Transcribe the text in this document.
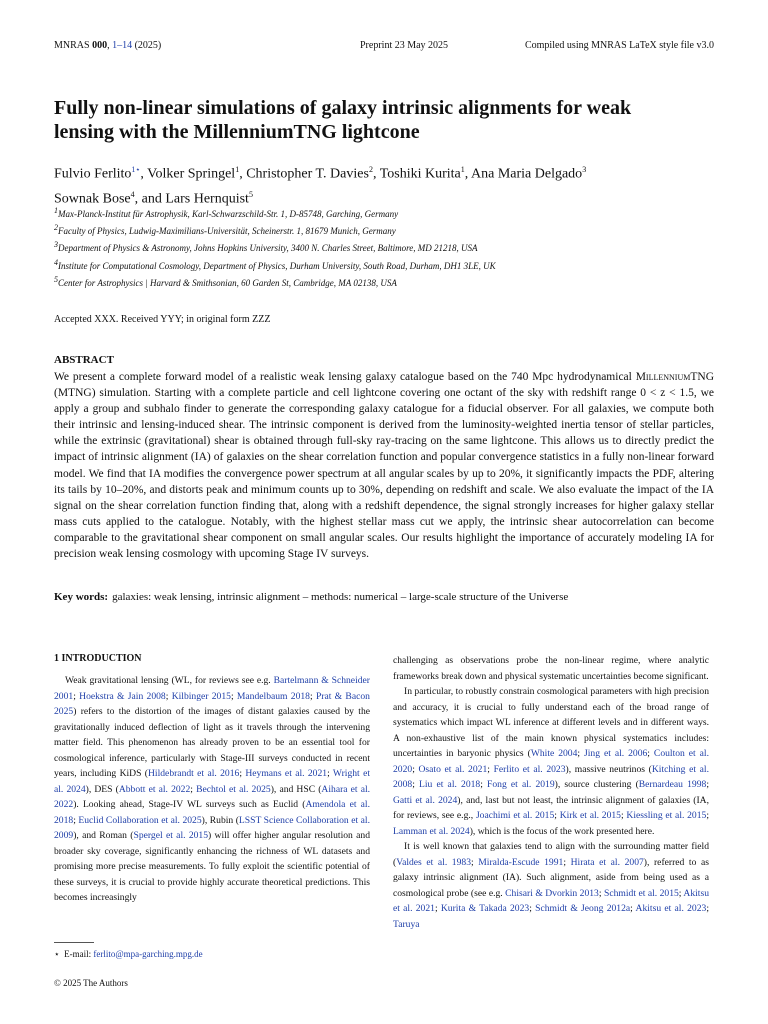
MNRAS 000, 1–14 (2025)	Preprint 23 May 2025	Compiled using MNRAS LaTeX style file v3.0
Fully non-linear simulations of galaxy intrinsic alignments for weak lensing with the MillenniumTNG lightcone
Fulvio Ferlito$^{1⋆}$, Volker Springel$^1$, Christopher T. Davies$^2$, Toshiki Kurita$^1$, Ana Maria Delgado$^3$
Sownak Bose$^4$, and Lars Hernquist$^5$
$^1$Max-Planck-Institut für Astrophysik, Karl-Schwarzschild-Str. 1, D-85748, Garching, Germany
$^2$Faculty of Physics, Ludwig-Maximilians-Universität, Scheinerstr. 1, 81679 Munich, Germany
$^3$Department of Physics & Astronomy, Johns Hopkins University, 3400 N. Charles Street, Baltimore, MD 21218, USA
$^4$Institute for Computational Cosmology, Department of Physics, Durham University, South Road, Durham, DH1 3LE, UK
$^5$Center for Astrophysics | Harvard & Smithsonian, 60 Garden St, Cambridge, MA 02138, USA
Accepted XXX. Received YYY; in original form ZZZ
ABSTRACT
We present a complete forward model of a realistic weak lensing galaxy catalogue based on the 740 Mpc hydrodynamical MillenniumTNG (MTNG) simulation. Starting with a complete particle and cell lightcone covering one octant of the sky with redshift range 0 < z < 1.5, we apply a group and subhalo finder to generate the corresponding galaxy catalogue for a fiducial observer. For all galaxies, we compute both their intrinsic and lensing-induced shear. The intrinsic component is derived from the luminosity-weighted inertia tensor of stellar particles, while the extrinsic (gravitational) shear is obtained through full-sky ray-tracing on the same lightcone. This allows us to directly predict the impact of intrinsic alignment (IA) of galaxies on the shear correlation function and popular convergence statistics in a fully non-linear forward model. We find that IA modifies the convergence power spectrum at all angular scales by up to 20%, it significantly impacts the PDF, altering its tails by 10–20%, and distorts peak and minimum counts up to 30%, depending on redshift and scale. We also evaluate the impact of the IA signal on the shear correlation function finding that, along with a redshift dependence, the signal strongly increases for higher galaxy stellar mass cuts applied to the catalogue. Notably, with the highest stellar mass cut we apply, the intrinsic shear autocorrelation can become comparable to the gravitational shear component on small angular scales. Our results highlight the importance of accurately modeling IA for precision weak lensing cosmology with upcoming Stage IV surveys.
Key words: galaxies: weak lensing, intrinsic alignment – methods: numerical – large-scale structure of the Universe
1 INTRODUCTION

Weak gravitational lensing (WL, for reviews see e.g. Bartelmann & Schneider 2001; Hoekstra & Jain 2008; Kilbinger 2015; Mandelbaum 2018; Prat & Bacon 2025) refers to the distortion of the images of distant galaxies caused by the gravitationally induced deflection of light as it travels through the intervening matter field. This phenomenon has already proven to be an essential tool for cosmological inference, particularly with Stage-III surveys conducted in recent years, including KiDS (Hildebrandt et al. 2016; Heymans et al. 2021; Wright et al. 2024), DES (Abbott et al. 2022; Bechtol et al. 2025), and HSC (Aihara et al. 2022). Looking ahead, Stage-IV WL surveys such as Euclid (Amendola et al. 2018; Euclid Collaboration et al. 2025), Rubin (LSST Science Collaboration et al. 2009), and Roman (Spergel et al. 2015) will offer higher angular resolution and broader sky coverage, significantly enhancing the richness of WL datasets and promising more precise measurements. To fully exploit the scientific potential of these surveys, it is crucial to provide highly accurate theoretical predictions. This becomes increasingly

challenging as observations probe the non-linear regime, where analytic frameworks break down and physical systematic uncertainties become significant.

In particular, to robustly constrain cosmological parameters with high precision and accuracy, it is crucial to fully understand each of the broad range of systematics which impact WL inference at different levels and in different ways. A non-exhaustive list of the main known physical systematics includes: uncertainties in baryonic physics (White 2004; Jing et al. 2006; Coulton et al. 2020; Osato et al. 2021; Ferlito et al. 2023), massive neutrinos (Kitching et al. 2008; Liu et al. 2018; Fong et al. 2019), source clustering (Bernardeau 1998; Gatti et al. 2024), and, last but not least, the intrinsic alignment of galaxies (IA, for reviews, see e.g., Joachimi et al. 2015; Kirk et al. 2015; Kiessling et al. 2015; Lamman et al. 2024), which is the focus of the work presented here.

It is well known that galaxies tend to align with the surrounding matter field (Valdes et al. 1983; Miralda-Escude 1991; Hirata et al. 2007), referred to as galaxy intrinsic alignment (IA). Such alignment, aside from being used as a cosmological probe (see e.g. Chisari & Dvorkin 2013; Schmidt et al. 2015; Akitsu et al. 2021; Kurita & Takada 2023; Schmidt & Jeong 2012a; Akitsu et al. 2023; Taruya

⋆ E-mail: ferlito@mpa-garching.mpg.de
© 2025 The Authors
